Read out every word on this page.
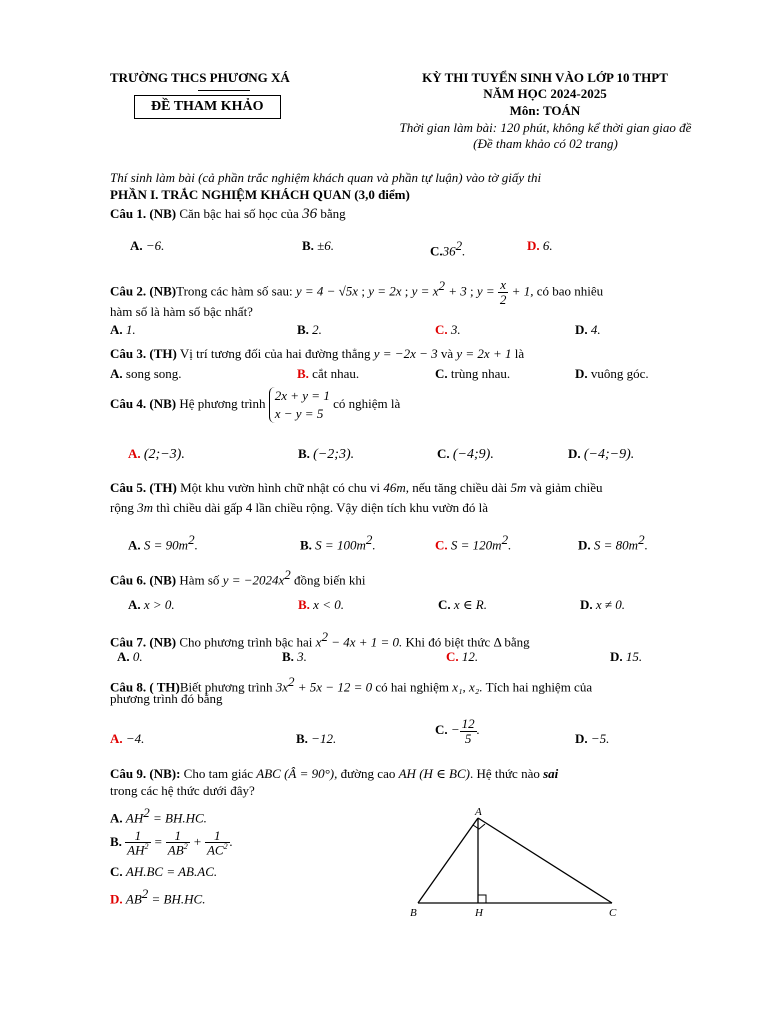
TRƯỜNG THCS PHƯƠNG XÁ
ĐỀ THAM KHẢO
KỲ THI TUYỂN SINH VÀO LỚP 10 THPT
NĂM HỌC 2024-2025
Môn: TOÁN
Thời gian làm bài: 120 phút, không kể thời gian giao đề
(Đề tham khảo có 02 trang)
Thí sinh làm bài (cả phần trắc nghiệm khách quan và phần tự luận) vào tờ giấy thi
PHẦN I. TRẮC NGHIỆM KHÁCH QUAN (3,0 điểm)
Câu 1. (NB) Căn bậc hai số học của 36 bằng
A. −6.	B. ±6.	$C.36^2$.	D. 6.
Câu 2. (NB)Trong các hàm số sau: y = 4 − √5x ; y = 2x ; $y = x^2 + 3$ ; $y = \frac{x}{2} + 1$, có bao nhiêu
hàm số là hàm số bậc nhất?
A. 1.	B. 2.	C. 3.	D. 4.
Câu 3. (TH) Vị trí tương đối của hai đường thẳng y = −2x − 3 và y = 2x + 1 là
A. song song.	B. cắt nhau.	C. trùng nhau.	D. vuông góc.
Câu 4. (NB) Hệ phương trình
2x + y = 1
x − y = 5
có nghiệm là
A. (2;−3).	B. (−2;3).	C. (−4;9).	D. (−4;−9).
Câu 5. (TH) Một khu vườn hình chữ nhật có chu vi 46m, nếu tăng chiều dài 5m và giảm chiều
rộng 3m thì chiều dài gấp 4 lần chiều rộng. Vậy diện tích khu vườn đó là
A. $S = 90m^2$.	B. $S = 100m^2$.	C. $S = 120m^2$.	D. $S = 80m^2$.
Câu 6. (NB) Hàm số $y = -2024x^2$ đồng biến khi
A. x > 0.	B. x < 0.	C. x ∈ R.	D. x ≠ 0.
Câu 7. (NB) Cho phương trình bậc hai $x^2 - 4x + 1 = 0$. Khi đó biệt thức Δ bằng
A. 0.	B. 3.	C. 12.	D. 15.
Câu 8. ( TH)Biết phương trình $3x^2 + 5x - 12 = 0$ có hai nghiệm x₁, x₂. Tích hai nghiệm của
phương trình đó bằng
A. −4.	B. −12.
C. − $\frac{12}{5}$ .
D. −5.
Câu 9. (NB): Cho tam giác ABC (Â = 90°), đường cao AH (H ∈ BC). Hệ thức nào sai
trong các hệ thức dưới đây?
A. $AH^2 = BH.HC$.
B. $\frac{1}{AH^2} = \frac{1}{AB^2} + \frac{1}{AC^2}$ .
C. AH.BC = AB.AC.
D. $AB^2 = BH.HC$.
A
B	H	C
